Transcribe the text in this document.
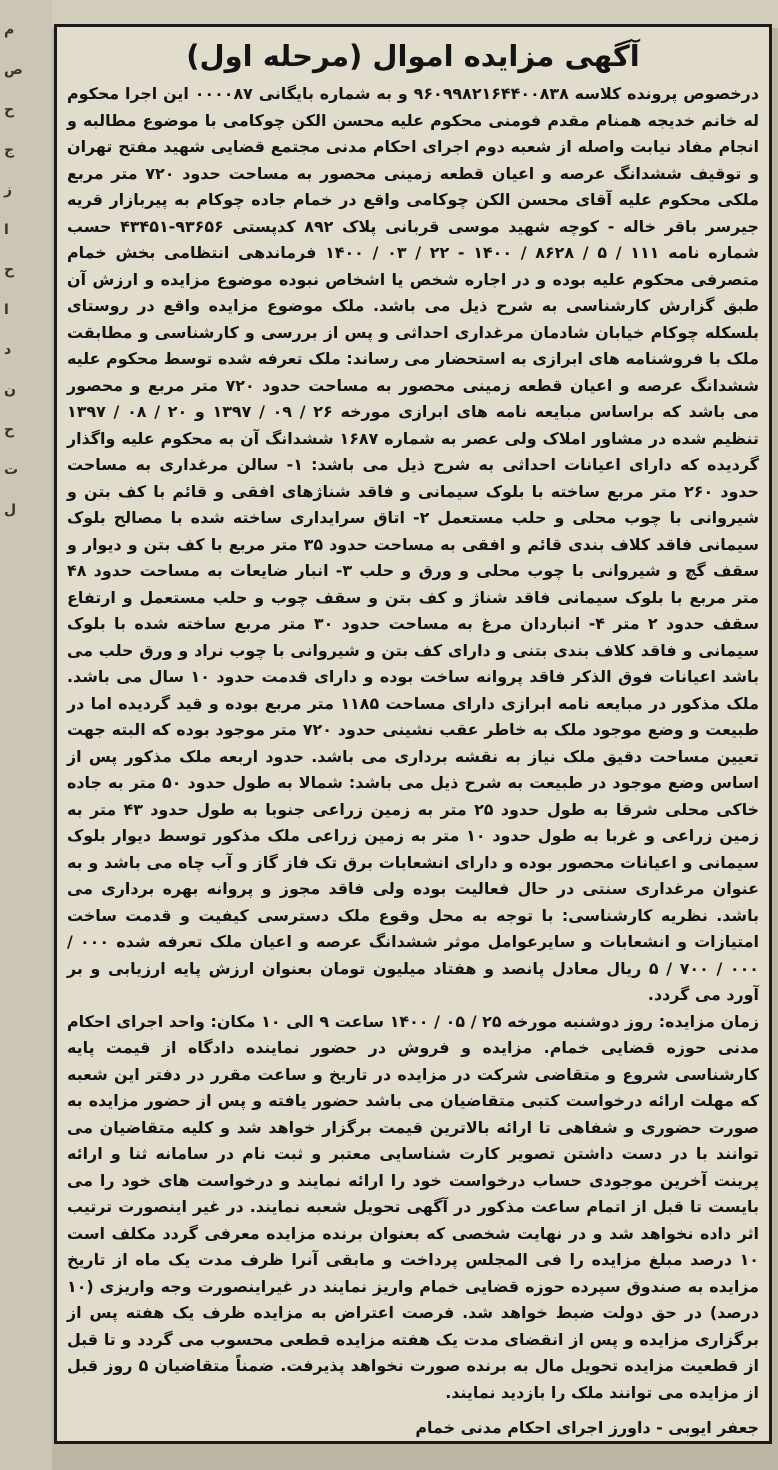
م
ص
ح
ج
ز
ا
ح
ا
د
ن
ح
ت
ل
آگهی مزایده اموال (مرحله اول)

درخصوص پرونده کلاسه ۹۶۰۹۹۸۲۱۶۴۴۰۰۸۳۸ و به شماره بایگانی ۰۰۰۰۸۷ این اجرا محکوم له خانم خدیجه همنام مقدم فومنی محکوم علیه محسن الکن چوکامی با موضوع مطالبه و انجام مفاد نیابت واصله از شعبه دوم اجرای احکام مدنی مجتمع قضایی شهید مفتح تهران و توقیف ششدانگ عرصه و اعیان قطعه زمینی محصور به مساحت حدود ۷۲۰ متر مربع ملکی محکوم علیه آقای محسن الکن چوکامی واقع در خمام جاده چوکام به پیربازار قریه جیرسر باقر خاله - کوچه شهید موسی قربانی پلاک ۸۹۲ کدپستی ۹۳۶۵۶-۴۳۴۵۱ حسب شماره نامه ۱۱۱ / ۵ / ۸۶۲۸ / ۱۴۰۰ - ۲۲ / ۰۳ / ۱۴۰۰ فرماندهی انتظامی بخش خمام متصرفی محکوم علیه بوده و در اجاره شخص یا اشخاص نبوده موضوع مزایده و ارزش آن طبق گزارش کارشناسی به شرح ذیل می باشد. ملک موضوع مزایده واقع در روستای بلسکله چوکام خیابان شادمان مرغداری احداثی و پس از بررسی و کارشناسی و مطابقت ملک با فروشنامه های ابرازی به استحضار می رساند: ملک تعرفه شده توسط محکوم علیه ششدانگ عرصه و اعیان قطعه زمینی محصور به مساحت حدود ۷۲۰ متر مربع و محصور می باشد که براساس مبایعه نامه های ابرازی مورخه ۲۶ / ۰۹ / ۱۳۹۷ و ۲۰ / ۰۸ / ۱۳۹۷ تنظیم شده در مشاور املاک ولی عصر به شماره ۱۶۸۷ ششدانگ آن به محکوم علیه واگذار گردیده که دارای اعیانات احداثی به شرح ذیل می باشد: ۱- سالن مرغداری به مساحت حدود ۲۶۰ متر مربع ساخته با بلوک سیمانی و فاقد شناژهای افقی و قائم با کف بتن و شیروانی با چوب محلی و حلب مستعمل ۲- اتاق سرایداری ساخته شده با مصالح بلوک سیمانی فاقد کلاف بندی قائم و افقی به مساحت حدود ۳۵ متر مربع با کف بتن و دیوار و سقف گچ و شیروانی با چوب محلی و ورق و حلب ۳- انبار ضایعات به مساحت حدود ۴۸ متر مربع با بلوک سیمانی فاقد شناژ و کف بتن و سقف چوب و حلب مستعمل و ارتفاع سقف حدود ۲ متر ۴- انباردان مرغ به مساحت حدود ۳۰ متر مربع ساخته شده با بلوک سیمانی و فاقد کلاف بندی بتنی و دارای کف بتن و شیروانی با چوب نراد و ورق حلب می باشد اعیانات فوق الذکر فاقد پروانه ساخت بوده و دارای قدمت حدود ۱۰ سال می باشد. ملک مذکور در مبایعه نامه ابرازی دارای مساحت ۱۱۸۵ متر مربع بوده و قید گردیده اما در طبیعت و وضع موجود ملک به خاطر عقب نشینی حدود ۷۲۰ متر موجود بوده که البته جهت تعیین مساحت دقیق ملک نیاز به نقشه برداری می باشد. حدود اربعه ملک مذکور پس از اساس وضع موجود در طبیعت به شرح ذیل می باشد: شمالا به طول حدود ۵۰ متر به جاده خاکی محلی شرقا به طول حدود ۲۵ متر به زمین زراعی جنوبا به طول حدود ۴۳ متر به زمین زراعی و غربا به طول حدود ۱۰ متر به زمین زراعی ملک مذکور توسط دیوار بلوک سیمانی و اعیانات محصور بوده و دارای انشعابات برق تک فاز گاز و آب چاه می باشد و به عنوان مرغداری سنتی در حال فعالیت بوده ولی فاقد مجوز و پروانه بهره برداری می باشد. نظریه کارشناسی: با توجه به محل وقوع ملک دسترسی کیفیت و قدمت ساخت امتیازات و انشعابات و سایرعوامل موثر ششدانگ عرصه و اعیان ملک تعرفه شده ۰۰۰ / ۰۰۰ / ۷۰۰ / ۵ ریال معادل پانصد و هفتاد میلیون تومان بعنوان ارزش پایه ارزیابی و بر آورد می گردد.

زمان مزایده: روز دوشنبه مورخه ۲۵ / ۰۵ / ۱۴۰۰ ساعت ۹ الی ۱۰ مکان: واحد اجرای احکام مدنی حوزه قضایی خمام. مزایده و فروش در حضور نماینده دادگاه از قیمت پایه کارشناسی شروع و متقاضی شرکت در مزایده در تاریخ و ساعت مقرر در دفتر این شعبه که مهلت ارائه درخواست کتبی متقاضیان می باشد حضور یافته و پس از حضور مزایده به صورت حضوری و شفاهی تا ارائه بالاترین قیمت برگزار خواهد شد و کلیه متقاضیان می توانند با در دست داشتن تصویر کارت شناسایی معتبر و ثبت نام در سامانه ثنا و ارائه پرینت آخرین موجودی حساب درخواست خود را ارائه نمایند و درخواست های خود را می بایست تا قبل از اتمام ساعت مذکور در آگهی تحویل شعبه نمایند. در غیر اینصورت ترتیب اثر داده نخواهد شد و در نهایت شخصی که بعنوان برنده مزایده معرفی گردد مکلف است ۱۰ درصد مبلغ مزایده را فی المجلس پرداخت و مابقی آنرا ظرف مدت یک ماه از تاریخ مزایده به صندوق سپرده حوزه قضایی خمام واریز نمایند در غیراینصورت وجه واریزی (۱۰ درصد) در حق دولت ضبط خواهد شد. فرصت اعتراض به مزایده ظرف یک هفته پس از برگزاری مزایده و پس از انقضای مدت یک هفته مزایده قطعی محسوب می گردد و تا قبل از قطعیت مزایده تحویل مال به برنده صورت نخواهد پذیرفت. ضمناً متقاضیان ۵ روز قبل از مزایده می توانند ملک را بازدید نمایند.

جعفر ایوبی - داورز اجرای احکام مدنی خمام
